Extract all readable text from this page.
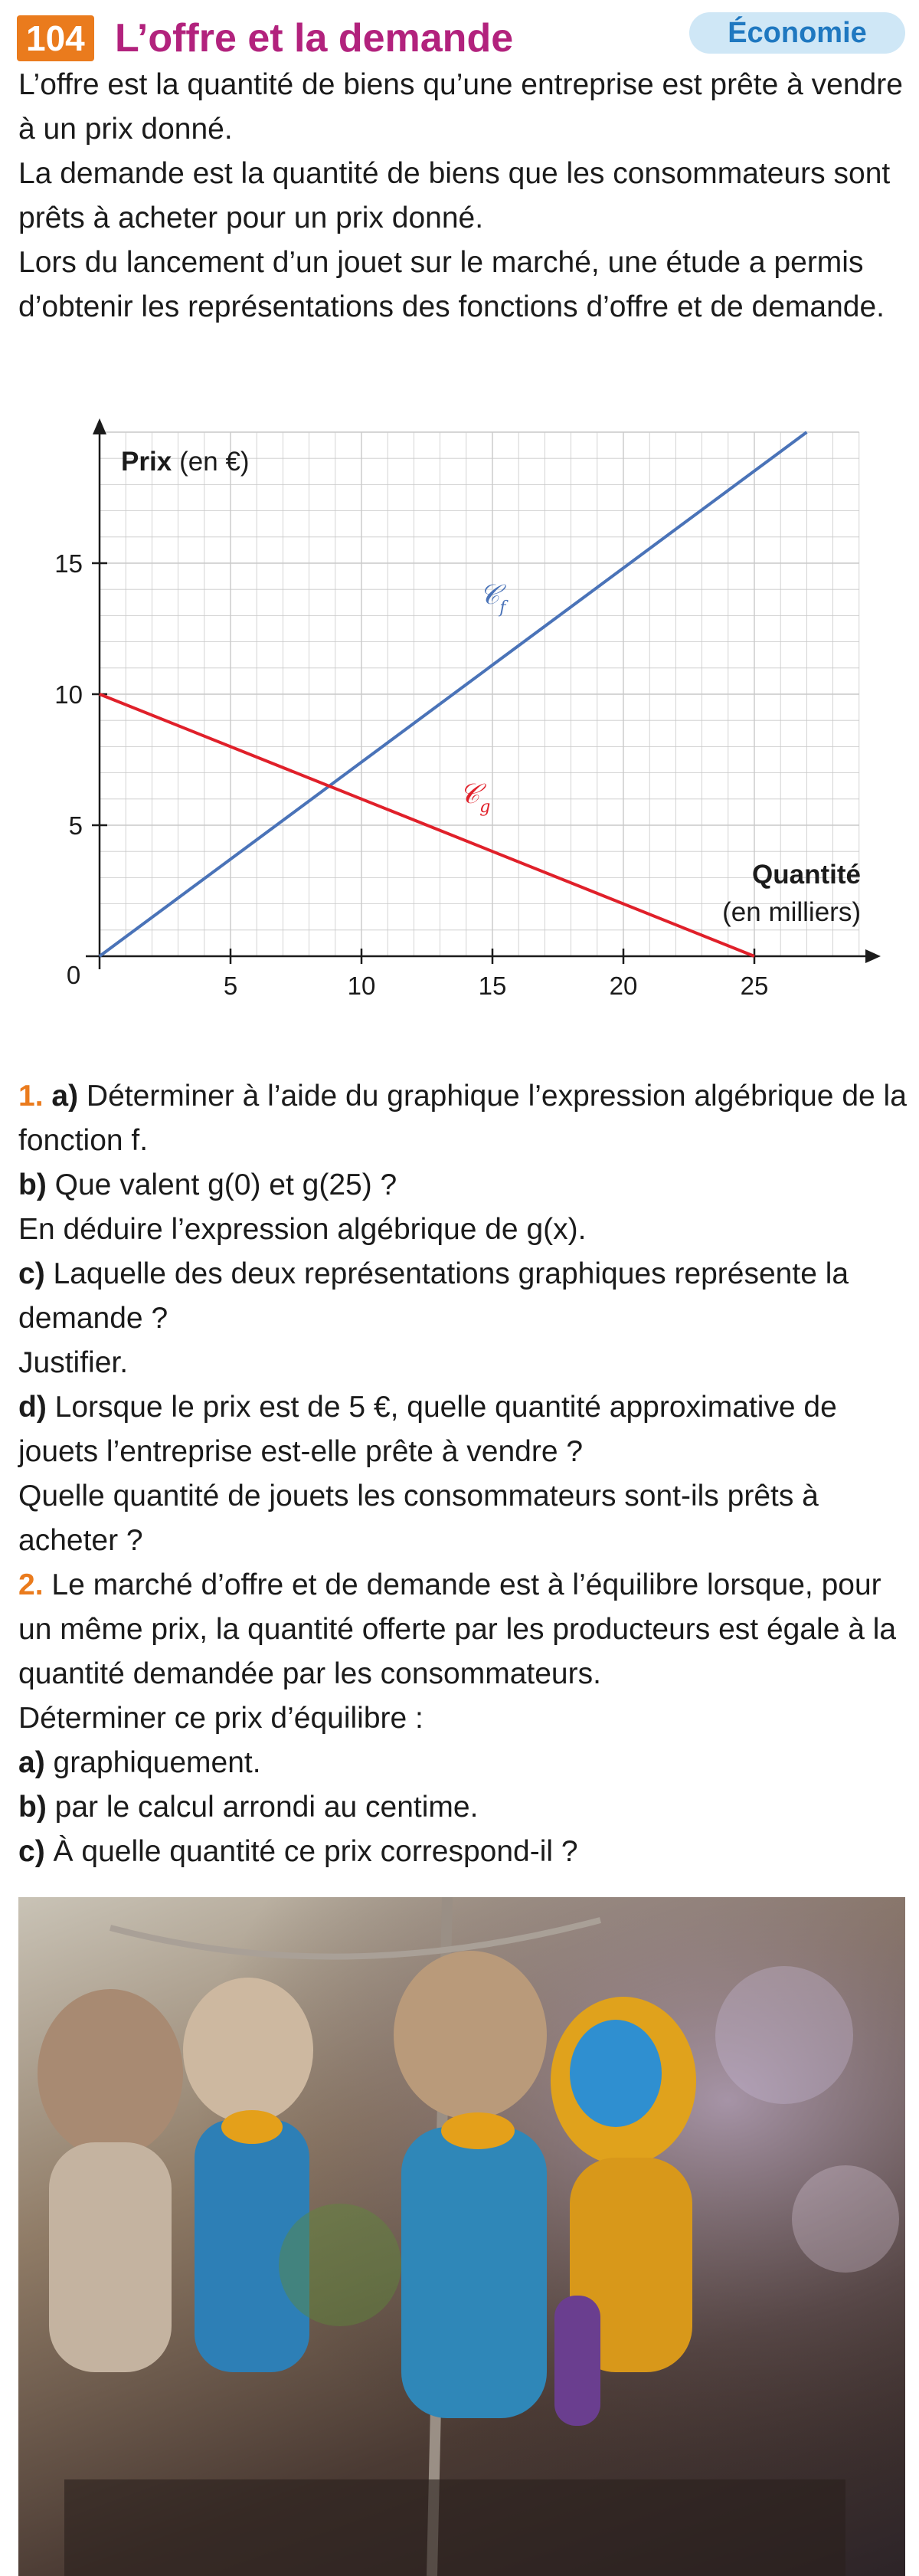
104 L’offre et la demande	Économie

L’offre est la quantité de biens qu’une entreprise est prête à vendre à un prix donné.

La demande est la quantité de biens que les consommateurs sont prêts à acheter pour un prix donné.

Lors du lancement d’un jouet sur le marché, une étude a permis d’obtenir les représentations des fonctions d’offre et de demande.

5	10	15	20	25
5
10
15
Prix (en €)
Quantité
(en milliers)
0
𝒞$_f$
𝒞$_g$

1. a) Déterminer à l’aide du graphique l’expression algébrique de la fonction f.

b) Que valent g(0) et g(25) ?

En déduire l’expression algébrique de g(x).

c) Laquelle des deux représentations graphiques représente la demande ?

Justifier.

d) Lorsque le prix est de 5 €, quelle quantité approximative de jouets l’entreprise est-elle prête à vendre ?

Quelle quantité de jouets les consommateurs sont-ils prêts à acheter ?

2. Le marché d’offre et de demande est à l’équilibre lorsque, pour un même prix, la quantité offerte par les producteurs est égale à la quantité demandée par les consommateurs.

Déterminer ce prix d’équilibre :

a) graphiquement.

b) par le calcul arrondi au centime.

c) À quelle quantité ce prix correspond-il ?
